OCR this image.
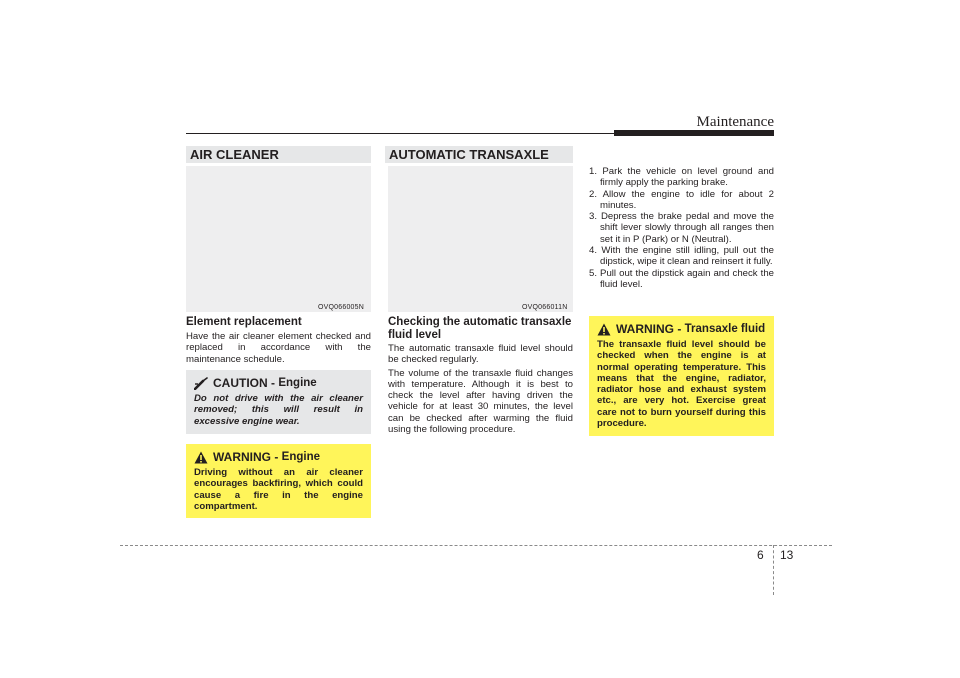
Maintenance
AIR CLEANER
OVQ066005N
Element replacement
Have the air cleaner element checked and replaced in accordance with the maintenance schedule.
CAUTION -
Engine
Do not drive with the air cleaner removed; this will result in excessive engine wear.
WARNING -
Engine
Driving without an air cleaner encourages backfiring, which could cause a fire in the engine compartment.
AUTOMATIC TRANSAXLE
OVQ066011N
Checking the automatic transaxle fluid level

The automatic transaxle fluid level should be checked regularly.

The volume of the transaxle fluid changes with temperature. Although it is best to check the level after having driven the vehicle for at least 30 minutes, the level can be checked after warming the fluid using the following procedure.

1. Park the vehicle on level ground and firmly apply the parking brake.
2. Allow the engine to idle for about 2 minutes.
3. Depress the brake pedal and move the shift lever slowly through all ranges then set it in P (Park) or N (Neutral).
4. With the engine still idling, pull out the dipstick, wipe it clean and reinsert it fully.
5. Pull out the dipstick again and check the fluid level.
WARNING -
Transaxle fluid
The transaxle fluid level should be checked when the engine is at normal operating temperature. This means that the engine, radiator, radiator hose and exhaust system etc., are very hot. Exercise great care not to burn yourself during this procedure.
6 13
